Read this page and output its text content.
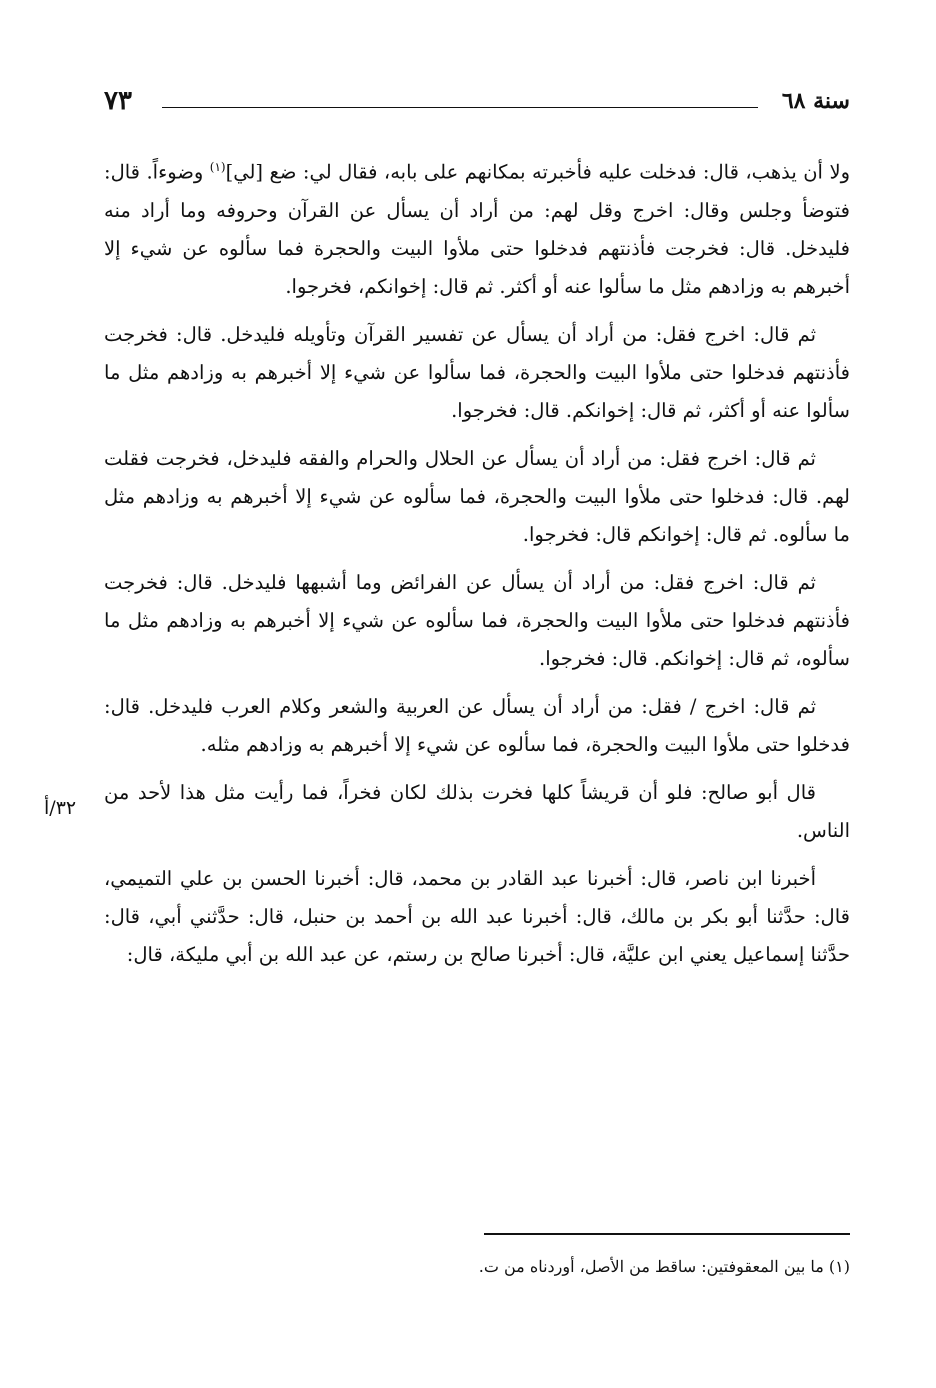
سنة ٦٨
٧٣

ولا أن يذهب، قال: فدخلت عليه فأخبرته بمكانهم على بابه، فقال لي: ضع [لي]$^{(١)}$ وضوءاً. قال: فتوضأ وجلس وقال: اخرج وقل لهم: من أراد أن يسأل عن القرآن وحروفه وما أراد منه فليدخل. قال: فخرجت فأذنتهم فدخلوا حتى ملأوا البيت والحجرة فما سألوه عن شيء إلا أخبرهم به وزادهم مثل ما سألوا عنه أو أكثر. ثم قال: إخوانكم، فخرجوا.

ثم قال: اخرج فقل: من أراد أن يسأل عن تفسير القرآن وتأويله فليدخل. قال: فخرجت فأذنتهم فدخلوا حتى ملأوا البيت والحجرة، فما سألوا عن شيء إلا أخبرهم به وزادهم مثل ما سألوا عنه أو أكثر، ثم قال: إخوانكم. قال: فخرجوا.

ثم قال: اخرج فقل: من أراد أن يسأل عن الحلال والحرام والفقه فليدخل، فخرجت فقلت لهم. قال: فدخلوا حتى ملأوا البيت والحجرة، فما سألوه عن شيء إلا أخبرهم به وزادهم مثل ما سألوه. ثم قال: إخوانكم قال: فخرجوا.

ثم قال: اخرج فقل: من أراد أن يسأل عن الفرائض وما أشبهها فليدخل. قال: فخرجت فأذنتهم فدخلوا حتى ملأوا البيت والحجرة، فما سألوه عن شيء إلا أخبرهم به وزادهم مثل ما سألوه، ثم قال: إخوانكم. قال: فخرجوا.

ثم قال: اخرج / فقل: من أراد أن يسأل عن العربية والشعر وكلام العرب فليدخل. قال: فدخلوا حتى ملأوا البيت والحجرة، فما سألوه عن شيء إلا أخبرهم به وزادهم مثله.

قال أبو صالح: فلو أن قريشاً كلها فخرت بذلك لكان فخراً، فما رأيت مثل هذا لأحد من الناس.

أخبرنا ابن ناصر، قال: أخبرنا عبد القادر بن محمد، قال: أخبرنا الحسن بن علي التميمي، قال: حدَّثنا أبو بكر بن مالك، قال: أخبرنا عبد الله بن أحمد بن حنبل، قال: حدَّثني أبي، قال: حدَّثنا إسماعيل يعني ابن عليَّة، قال: أخبرنا صالح بن رستم، عن عبد الله بن أبي مليكة، قال:

٣٢/أ
(١) ما بين المعقوفتين: ساقط من الأصل، أوردناه من ت.
